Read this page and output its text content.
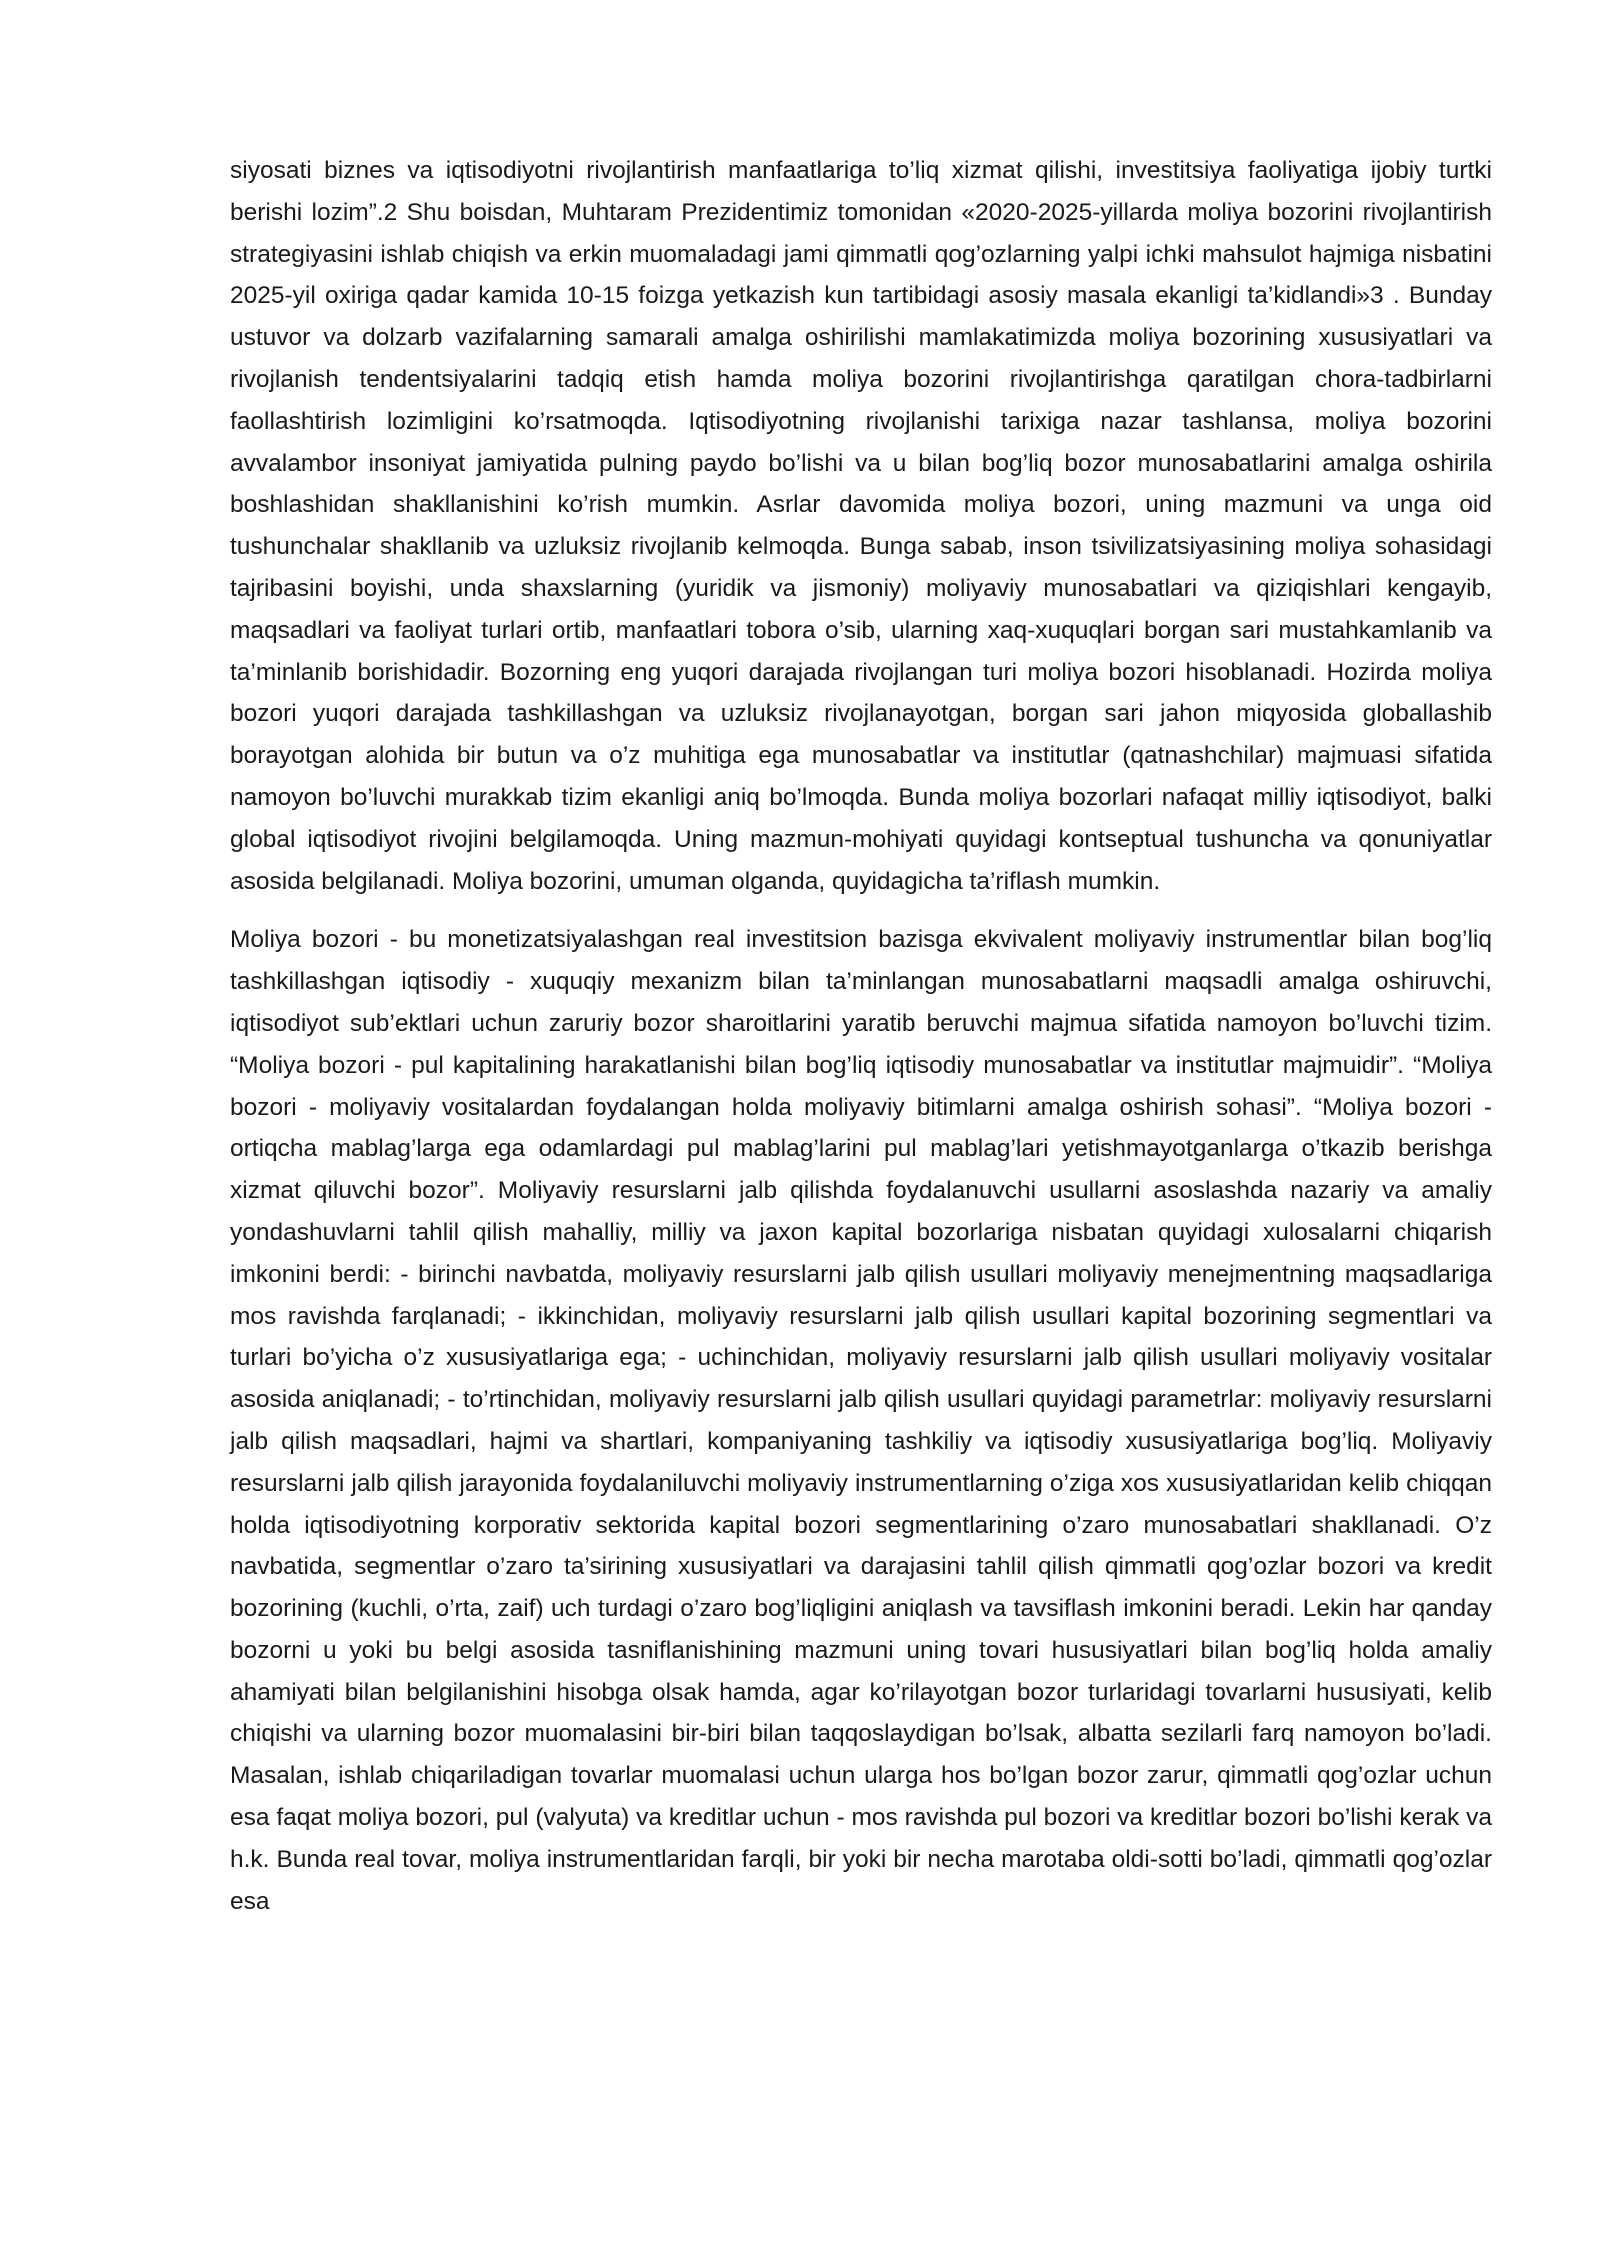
siyosati biznes va iqtisodiyotni rivojlantirish manfaatlariga to’liq xizmat qilishi, investitsiya faoliyatiga ijobiy turtki berishi lozim”.2 Shu boisdan, Muhtaram Prezidentimiz tomonidan «2020-2025-yillarda moliya bozorini rivojlantirish strategiyasini ishlab chiqish va erkin muomaladagi jami qimmatli qog’ozlarning yalpi ichki mahsulot hajmiga nisbatini 2025-yil oxiriga qadar kamida 10-15 foizga yetkazish kun tartibidagi asosiy masala ekanligi ta’kidlandi»3 . Bunday ustuvor va dolzarb vazifalarning samarali amalga oshirilishi mamlakatimizda moliya bozorining xususiyatlari va rivojlanish tendentsiyalarini tadqiq etish hamda moliya bozorini rivojlantirishga qaratilgan chora-tadbirlarni faollashtirish lozimligini ko’rsatmoqda. Iqtisodiyotning rivojlanishi tarixiga nazar tashlansa, moliya bozorini avvalambor insoniyat jamiyatida pulning paydo bo’lishi va u bilan bog’liq bozor munosabatlarini amalga oshirila boshlashidan shakllanishini ko’rish mumkin. Asrlar davomida moliya bozori, uning mazmuni va unga oid tushunchalar shakllanib va uzluksiz rivojlanib kelmoqda. Bunga sabab, inson tsivilizatsiyasining moliya sohasidagi tajribasini boyishi, unda shaxslarning (yuridik va jismoniy) moliyaviy munosabatlari va qiziqishlari kengayib, maqsadlari va faoliyat turlari ortib, manfaatlari tobora o’sib, ularning xaq-xuquqlari borgan sari mustahkamlanib va ta’minlanib borishidadir. Bozorning eng yuqori darajada rivojlangan turi moliya bozori hisoblanadi. Hozirda moliya bozori yuqori darajada tashkillashgan va uzluksiz rivojlanayotgan, borgan sari jahon miqyosida globallashib borayotgan alohida bir butun va o’z muhitiga ega munosabatlar va institutlar (qatnashchilar) majmuasi sifatida namoyon bo’luvchi murakkab tizim ekanligi aniq bo’lmoqda. Bunda moliya bozorlari nafaqat milliy iqtisodiyot, balki global iqtisodiyot rivojini belgilamoqda. Uning mazmun-mohiyati quyidagi kontseptual tushuncha va qonuniyatlar asosida belgilanadi. Moliya bozorini, umuman olganda, quyidagicha ta’riflash mumkin.

Moliya bozori - bu monetizatsiyalashgan real investitsion bazisga ekvivalent moliyaviy instrumentlar bilan bog’liq tashkillashgan iqtisodiy - xuquqiy mexanizm bilan ta’minlangan munosabatlarni maqsadli amalga oshiruvchi, iqtisodiyot sub’ektlari uchun zaruriy bozor sharoitlarini yaratib beruvchi majmua sifatida namoyon bo’luvchi tizim. “Moliya bozori - pul kapitalining harakatlanishi bilan bog’liq iqtisodiy munosabatlar va institutlar majmuidir”. “Moliya bozori - moliyaviy vositalardan foydalangan holda moliyaviy bitimlarni amalga oshirish sohasi”. “Moliya bozori - ortiqcha mablag’larga ega odamlardagi pul mablag’larini pul mablag’lari yetishmayotganlarga o’tkazib berishga xizmat qiluvchi bozor”. Moliyaviy resurslarni jalb qilishda foydalanuvchi usullarni asoslashda nazariy va amaliy yondashuvlarni tahlil qilish mahalliy, milliy va jaxon kapital bozorlariga nisbatan quyidagi xulosalarni chiqarish imkonini berdi: - birinchi navbatda, moliyaviy resurslarni jalb qilish usullari moliyaviy menejmentning maqsadlariga mos ravishda farqlanadi; - ikkinchidan, moliyaviy resurslarni jalb qilish usullari kapital bozorining segmentlari va turlari bo’yicha o’z xususiyatlariga ega; - uchinchidan, moliyaviy resurslarni jalb qilish usullari moliyaviy vositalar asosida aniqlanadi; - to’rtinchidan, moliyaviy resurslarni jalb qilish usullari quyidagi parametrlar: moliyaviy resurslarni jalb qilish maqsadlari, hajmi va shartlari, kompaniyaning tashkiliy va iqtisodiy xususiyatlariga bog’liq. Moliyaviy resurslarni jalb qilish jarayonida foydalaniluvchi moliyaviy instrumentlarning o’ziga xos xususiyatlaridan kelib chiqqan holda iqtisodiyotning korporativ sektorida kapital bozori segmentlarining o’zaro munosabatlari shakllanadi. O’z navbatida, segmentlar o’zaro ta’sirining xususiyatlari va darajasini tahlil qilish qimmatli qog’ozlar bozori va kredit bozorining (kuchli, o’rta, zaif) uch turdagi o’zaro bog’liqligini aniqlash va tavsiflash imkonini beradi. Lekin har qanday bozorni u yoki bu belgi asosida tasniflanishining mazmuni uning tovari hususiyatlari bilan bog’liq holda amaliy ahamiyati bilan belgilanishini hisobga olsak hamda, agar ko’rilayotgan bozor turlaridagi tovarlarni hususiyati, kelib chiqishi va ularning bozor muomalasini bir-biri bilan taqqoslaydigan bo’lsak, albatta sezilarli farq namoyon bo’ladi. Masalan, ishlab chiqariladigan tovarlar muomalasi uchun ularga hos bo’lgan bozor zarur, qimmatli qog’ozlar uchun esa faqat moliya bozori, pul (valyuta) va kreditlar uchun - mos ravishda pul bozori va kreditlar bozori bo’lishi kerak va h.k. Bunda real tovar, moliya instrumentlaridan farqli, bir yoki bir necha marotaba oldi-sotti bo’ladi, qimmatli qog’ozlar esa
